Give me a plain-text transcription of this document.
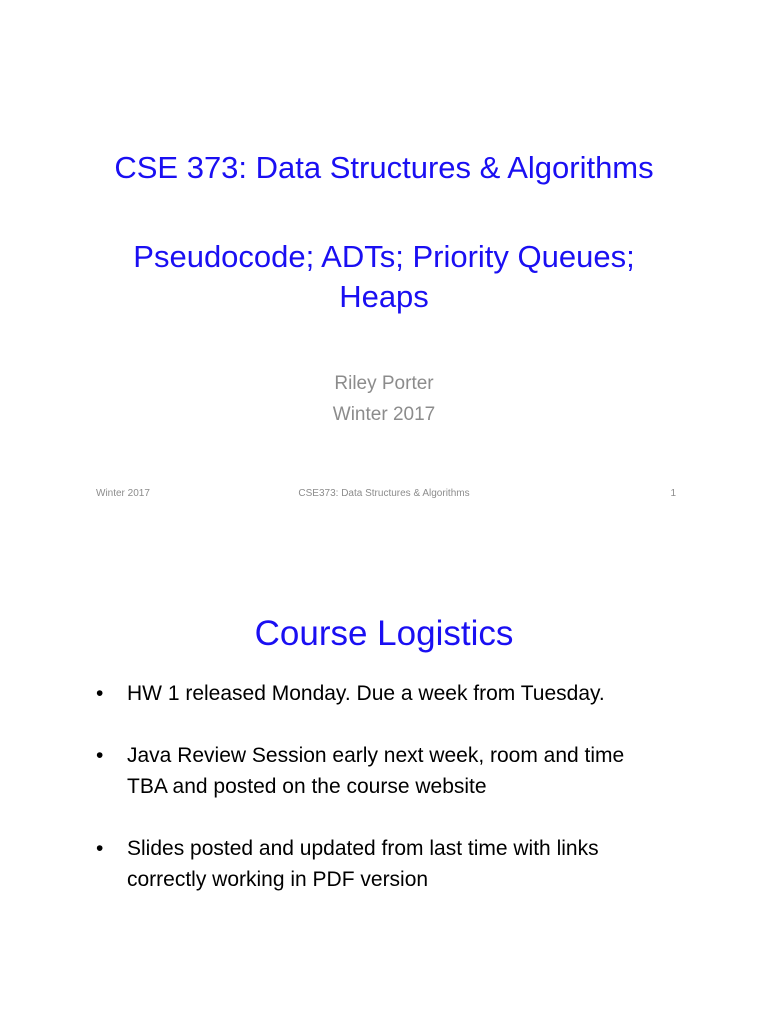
CSE 373: Data Structures & Algorithms
Pseudocode; ADTs; Priority Queues;
Heaps
Riley Porter
Winter 2017
Winter 2017	CSE373: Data Structures & Algorithms	1
Course Logistics
• HW 1 released Monday. Due a week from Tuesday.
• Java Review Session early next week, room and time
TBA and posted on the course website
• Slides posted and updated from last time with links
correctly working in PDF version
